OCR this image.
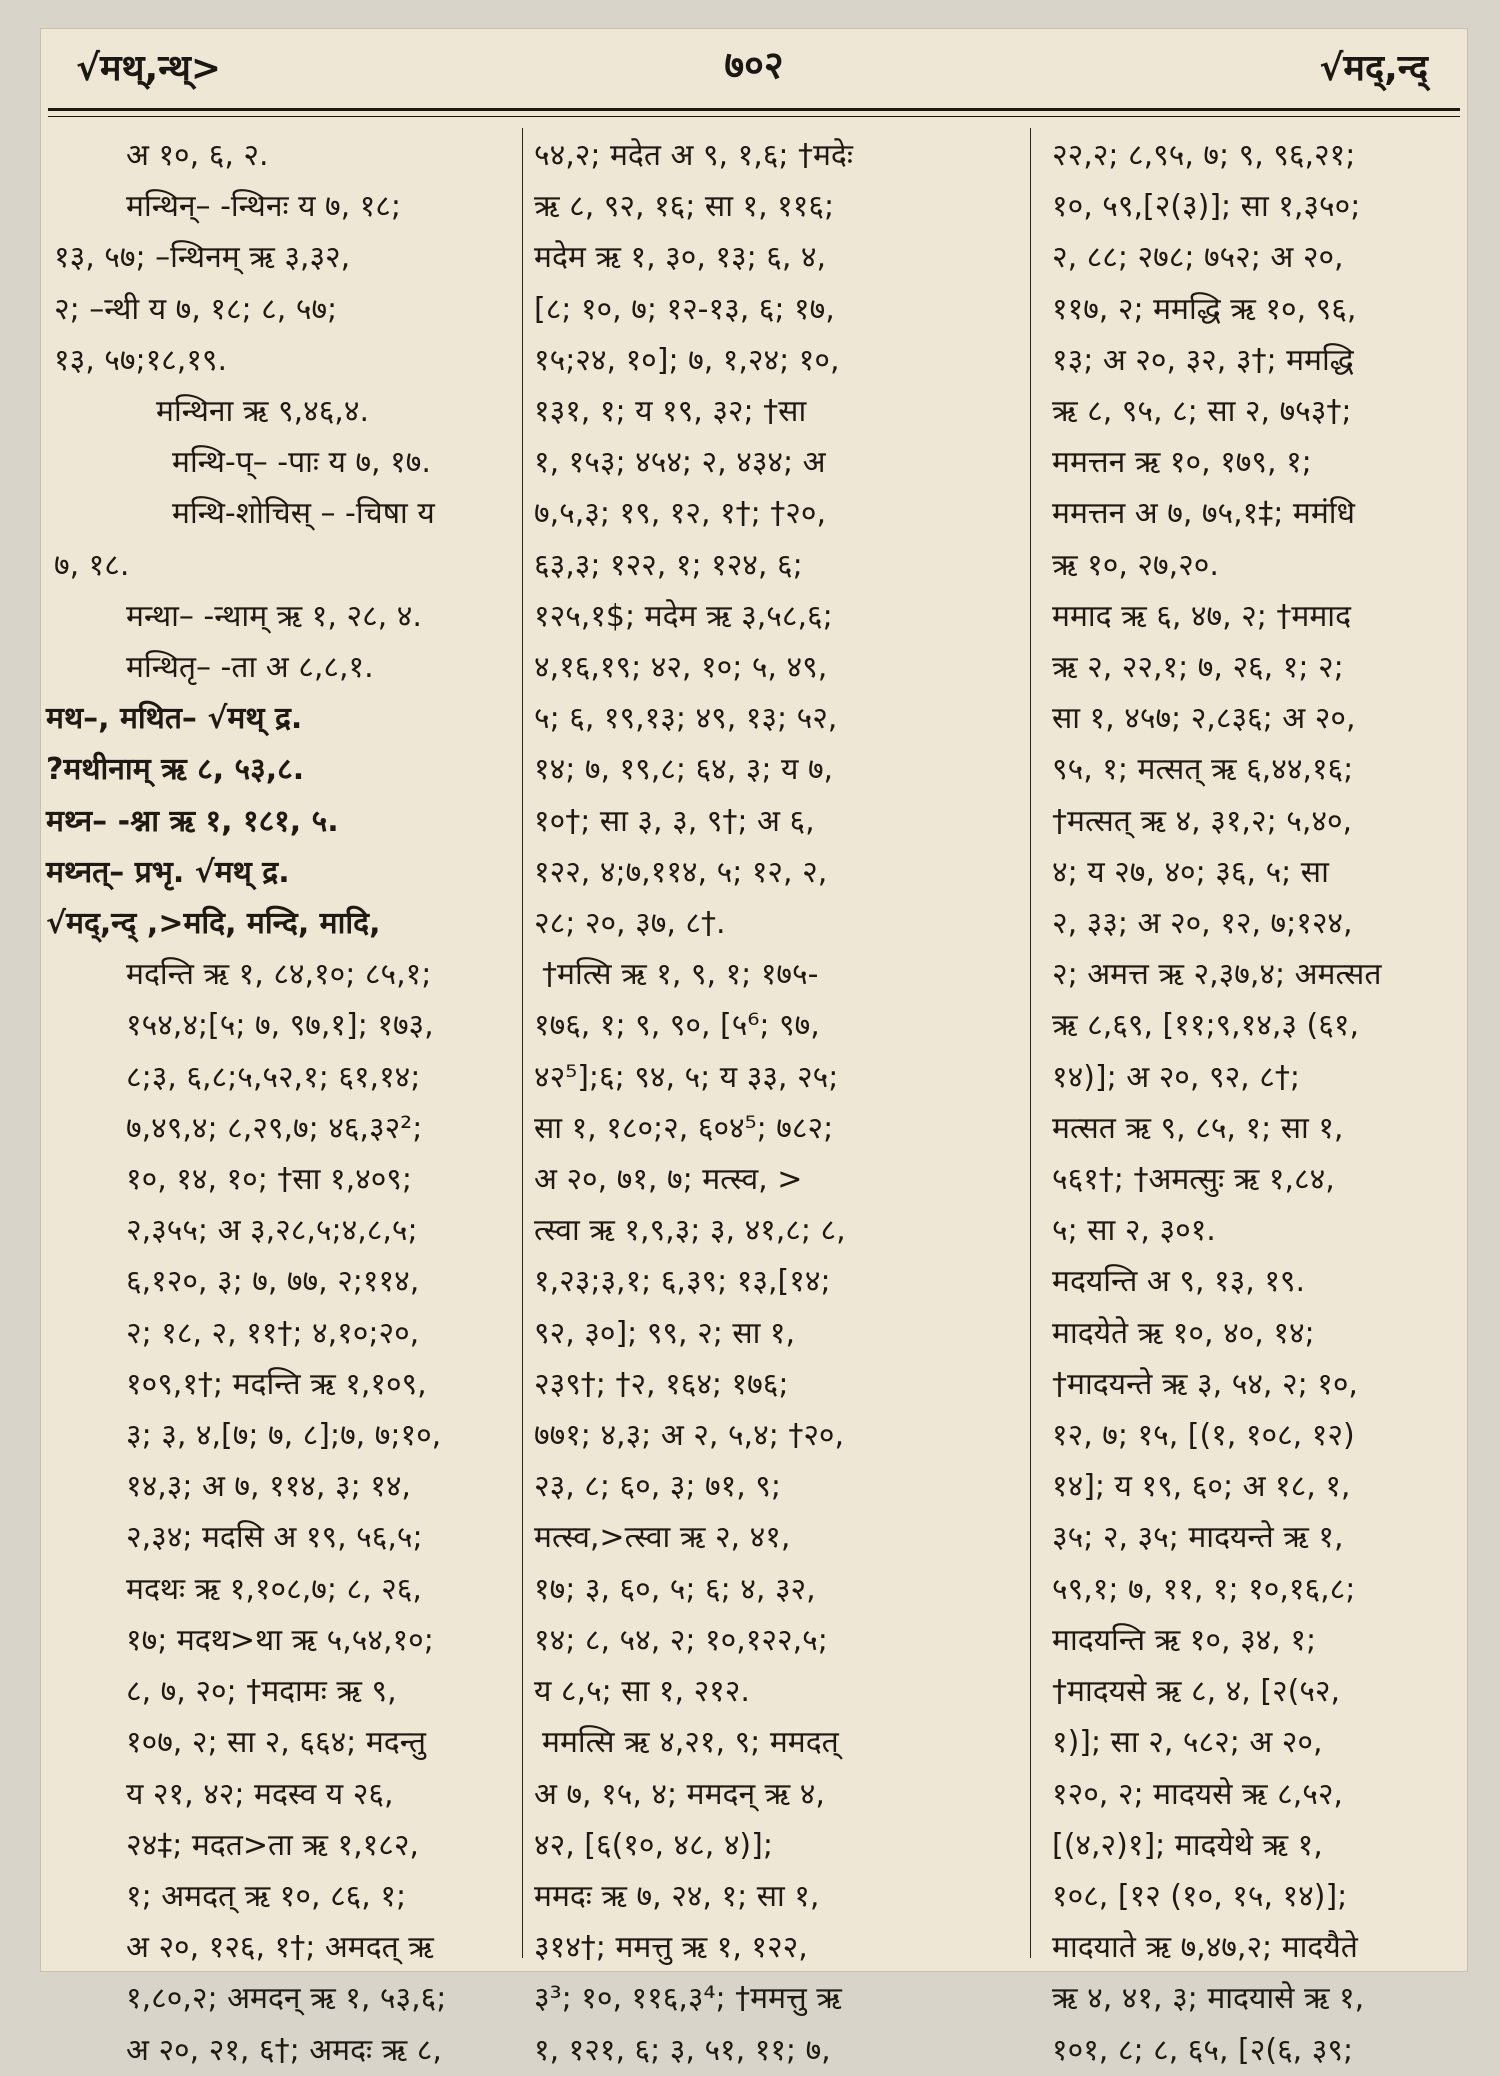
√मथ्‌,न्थ्‌>	७०२	√मद्‌,न्द्‌
अ १०, ६, २.
मन्थिन्– -न्थिनः य ७, १८;
१३, ५७; –न्थिनम्‌ ऋ ३,३२,
२; –न्थी य ७, १८; ८, ५७;
१३, ५७;१८,१९.
मन्थिना ऋ ९,४६,४.
मन्थि-प्‌– -पाः य ७, १७.
मन्थि-शोचिस्‌ – -चिषा य
७, १८.
मन्था– -न्थाम्‌ ऋ १, २८, ४.
मन्थितृ– -ता अ ८,८,१.
मथ–, मथित– √मथ्‌ द्र.
?मथीनाम्‌ ऋ ८, ५३,८.
मथ्न– -श्ना ऋ १, १८१, ५.
मथ्नत्‌– प्रभृ. √मथ्‌ द्र.
√मद्‌,न्द्‌ ,>मदि, मन्दि, मादि,
मदन्ति ऋ १, ८४,१०; ८५,१;
१५४,४;[५; ७, ९७,१]; १७३,
८;३, ६,८;५,५२,१; ६१,१४;
७,४९,४; ८,२९,७; ४६,३२²;
१०, १४, १०; †सा १,४०९;
२,३५५; अ ३,२८,५;४,८,५;
६,१२०, ३; ७, ७७, २;११४,
२; १८, २, ११†; ४,१०;२०,
१०९,१†; मदन्ति ऋ १,१०९,
३; ३, ४,[७; ७, ८];७, ७;१०,
१४,३; अ ७, ११४, ३; १४,
२,३४; मदसि अ १९, ५६,५;
मदथः ऋ १,१०८,७; ८, २६,
१७; मदथ>था ऋ ५,५४,१०;
८, ७, २०; †मदामः ऋ ९,
१०७, २; सा २, ६६४; मदन्तु
य २१, ४२; मदस्व य २६,
२४‡; मदत>ता ऋ १,१८२,
१; अमदत्‌ ऋ १०, ८६, १;
अ २०, १२६, १†; अमदत्‌ ऋ
१,८०,२; अमदन्‌ ऋ १, ५३,६;
अ २०, २१, ६†; अमदः ऋ ८,
५४,२; मदेत अ ९, १,६; †मदेः
ऋ ८, ९२, १६; सा १, ११६;
मदेम ऋ १, ३०, १३; ६, ४,
[८; १०, ७; १२-१३, ६; १७,
१५;२४, १०]; ७, १,२४; १०,
१३१, १; य १९, ३२; †सा
१, १५३; ४५४; २, ४३४; अ
७,५,३; १९, १२, १†; †२०,
६३,३; १२२, १; १२४, ६;
१२५,१$; मदेम ऋ ३,५८,६;
४,१६,१९; ४२, १०; ५, ४९,
५; ६, १९,१३; ४९, १३; ५२,
१४; ७, १९,८; ६४, ३; य ७,
१०†; सा ३, ३, ९†; अ ६,
१२२, ४;७,११४, ५; १२, २,
२८; २०, ३७, ८†.
†मत्सि ऋ १, ९, १; १७५-
१७६, १; ९, ९०, [५⁶; ९७,
४२⁵];६; ९४, ५; य ३३, २५;
सा १, १८०;२, ६०४⁵; ७८२;
अ २०, ७१, ७; मत्स्व, >
त्स्वा ऋ १,९,३; ३, ४१,८; ८,
१,२३;३,१; ६,३९; १३,[१४;
९२, ३०]; ९९, २; सा १,
२३९†; †२, १६४; १७६;
७७१; ४,३; अ २, ५,४; †२०,
२३, ८; ६०, ३; ७१, ९;
मत्स्व,>त्स्वा ऋ २, ४१,
१७; ३, ६०, ५; ६; ४, ३२,
१४; ८, ५४, २; १०,१२२,५;
य ८,५; सा १, २१२.
ममत्सि ऋ ४,२१, ९; ममदत्‌
अ ७, १५, ४; ममदन्‌ ऋ ४,
४२, [६(१०, ४८, ४)];
ममदः ऋ ७, २४, १; सा १,
३१४†; ममत्तु ऋ १, १२२,
३³; १०, ११६,३⁴; †ममत्तु ऋ
१, १२१, ६; ३, ५१, ११; ७,
२२,२; ८,९५, ७; ९, ९६,२१;
१०, ५९,[२(३)]; सा १,३५०;
२, ८८; २७८; ७५२; अ २०,
११७, २; ममद्धि ऋ १०, ९६,
१३; अ २०, ३२, ३†; ममद्धि
ऋ ८, ९५, ८; सा २, ७५३†;
ममत्तन ऋ १०, १७९, १;
ममत्तन अ ७, ७५,१‡; ममंधि
ऋ १०, २७,२०.
ममाद ऋ ६, ४७, २; †ममाद
ऋ २, २२,१; ७, २६, १; २;
सा १, ४५७; २,८३६; अ २०,
९५, १; मत्सत्‌ ऋ ६,४४,१६;
†मत्सत्‌ ऋ ४, ३१,२; ५,४०,
४; य २७, ४०; ३६, ५; सा
२, ३३; अ २०, १२, ७;१२४,
२; अमत्त ऋ २,३७,४; अमत्सत
ऋ ८,६९, [११;९,१४,३ (६१,
१४)]; अ २०, ९२, ८†;
मत्सत ऋ ९, ८५, १; सा १,
५६१†; †अमत्सुः ऋ १,८४,
५; सा २, ३०१.
मदयन्ति अ ९, १३, १९.
मादयेते ऋ १०, ४०, १४;
†मादयन्ते ऋ ३, ५४, २; १०,
१२, ७; १५, [(१, १०८, १२)
१४]; य १९, ६०; अ १८, १,
३५; २, ३५; मादयन्ते ऋ १,
५९,१; ७, ११, १; १०,१६,८;
मादयन्ति ऋ १०, ३४, १;
†मादयसे ऋ ८, ४, [२(५२,
१)]; सा २, ५८२; अ २०,
१२०, २; मादयसे ऋ ८,५२,
[(४,२)१]; मादयेथे ऋ १,
१०८, [१२ (१०, १५, १४)];
मादयाते ऋ ७,४७,२; मादयैते
ऋ ४, ४१, ३; मादयासे ऋ १,
१०१, ८; ८, ६५, [२(६, ३९;
